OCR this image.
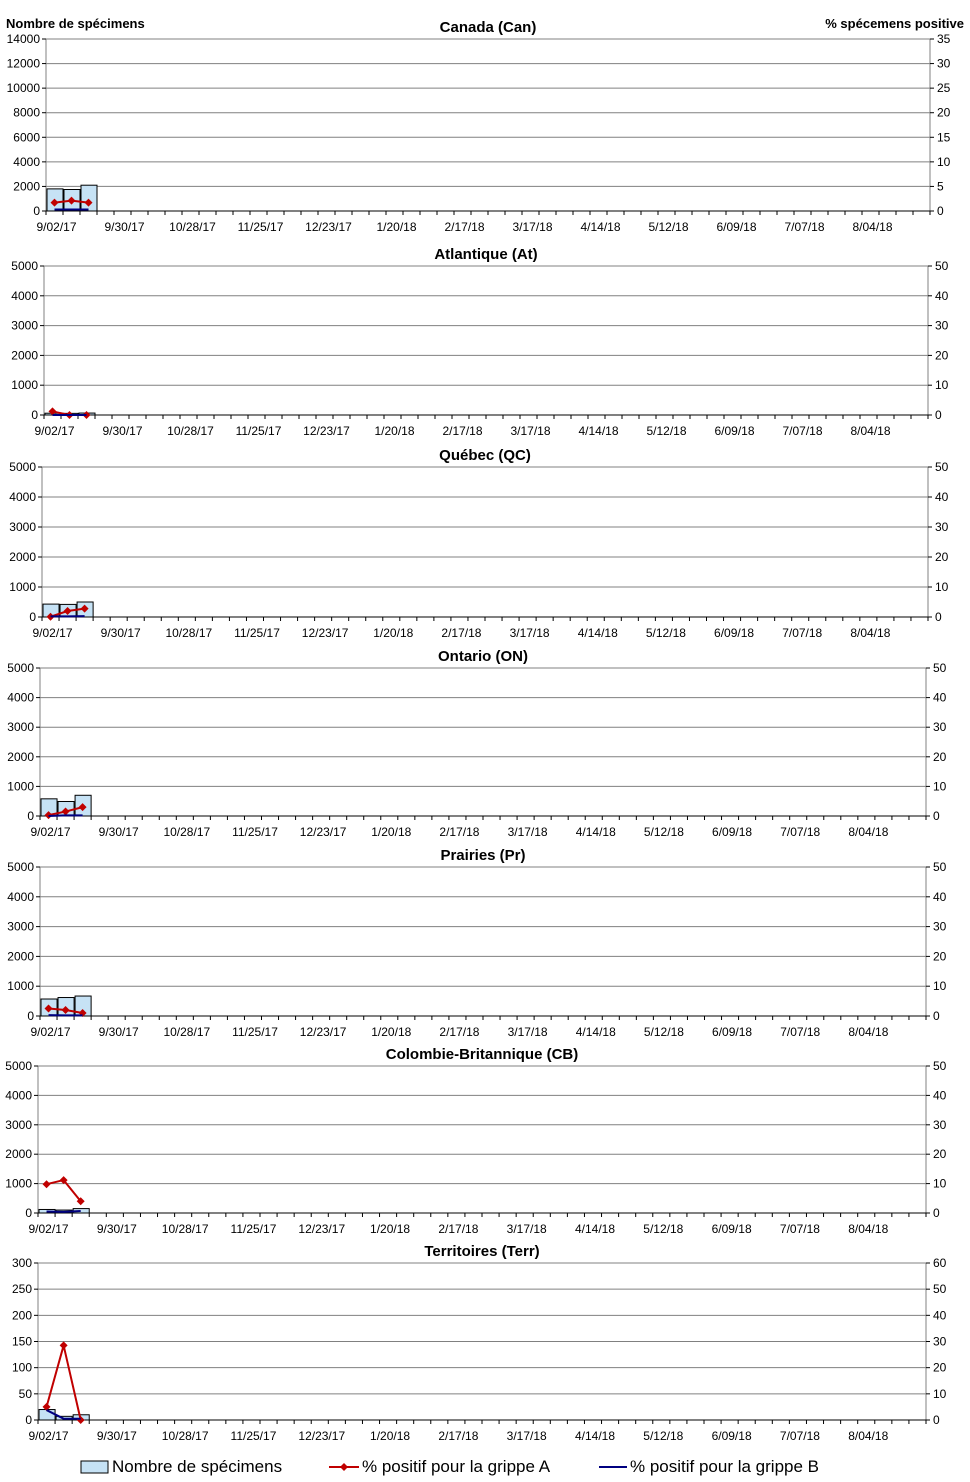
0
2000
4000
6000
8000
10000
12000
14000
0
5
10
15
20
25
30
35
9/02/17 9/30/17 10/28/17 11/25/17 12/23/17 1/20/18 2/17/18 3/17/18 4/14/18 5/12/18 6/09/18 7/07/18 8/04/18
Canada (Can)
0
1000
2000
3000
4000
5000
0
10
20
30
40
50
9/02/17 9/30/17 10/28/17 11/25/17 12/23/17 1/20/18 2/17/18 3/17/18 4/14/18 5/12/18 6/09/18 7/07/18 8/04/18
Atlantique (At)
0
1000
2000
3000
4000
5000
0
10
20
30
40
50
9/02/17 9/30/17 10/28/17 11/25/17 12/23/17 1/20/18 2/17/18 3/17/18 4/14/18 5/12/18 6/09/18 7/07/18 8/04/18
Québec (QC)
0
1000
2000
3000
4000
5000
0
10
20
30
40
50
9/02/17 9/30/17 10/28/17 11/25/17 12/23/17 1/20/18 2/17/18 3/17/18 4/14/18 5/12/18 6/09/18 7/07/18 8/04/18
Ontario (ON)
0
1000
2000
3000
4000
5000
0
10
20
30
40
50
9/02/17 9/30/17 10/28/17 11/25/17 12/23/17 1/20/18 2/17/18 3/17/18 4/14/18 5/12/18 6/09/18 7/07/18 8/04/18
Prairies (Pr)
0
1000
2000
3000
4000
5000
0
10
20
30
40
50
9/02/17 9/30/17 10/28/17 11/25/17 12/23/17 1/20/18 2/17/18 3/17/18 4/14/18 5/12/18 6/09/18 7/07/18 8/04/18
Colombie-Britannique (CB)
0
50
100
150
200
250
300
0
10
20
30
40
50
60
9/02/17 9/30/17 10/28/17 11/25/17 12/23/17 1/20/18 2/17/18 3/17/18 4/14/18 5/12/18 6/09/18 7/07/18 8/04/18
Territoires (Terr)
Nombre de spécimens	% spécemens positive
Nombre de spécimens	% positif pour la grippe A	% positif pour la grippe B
